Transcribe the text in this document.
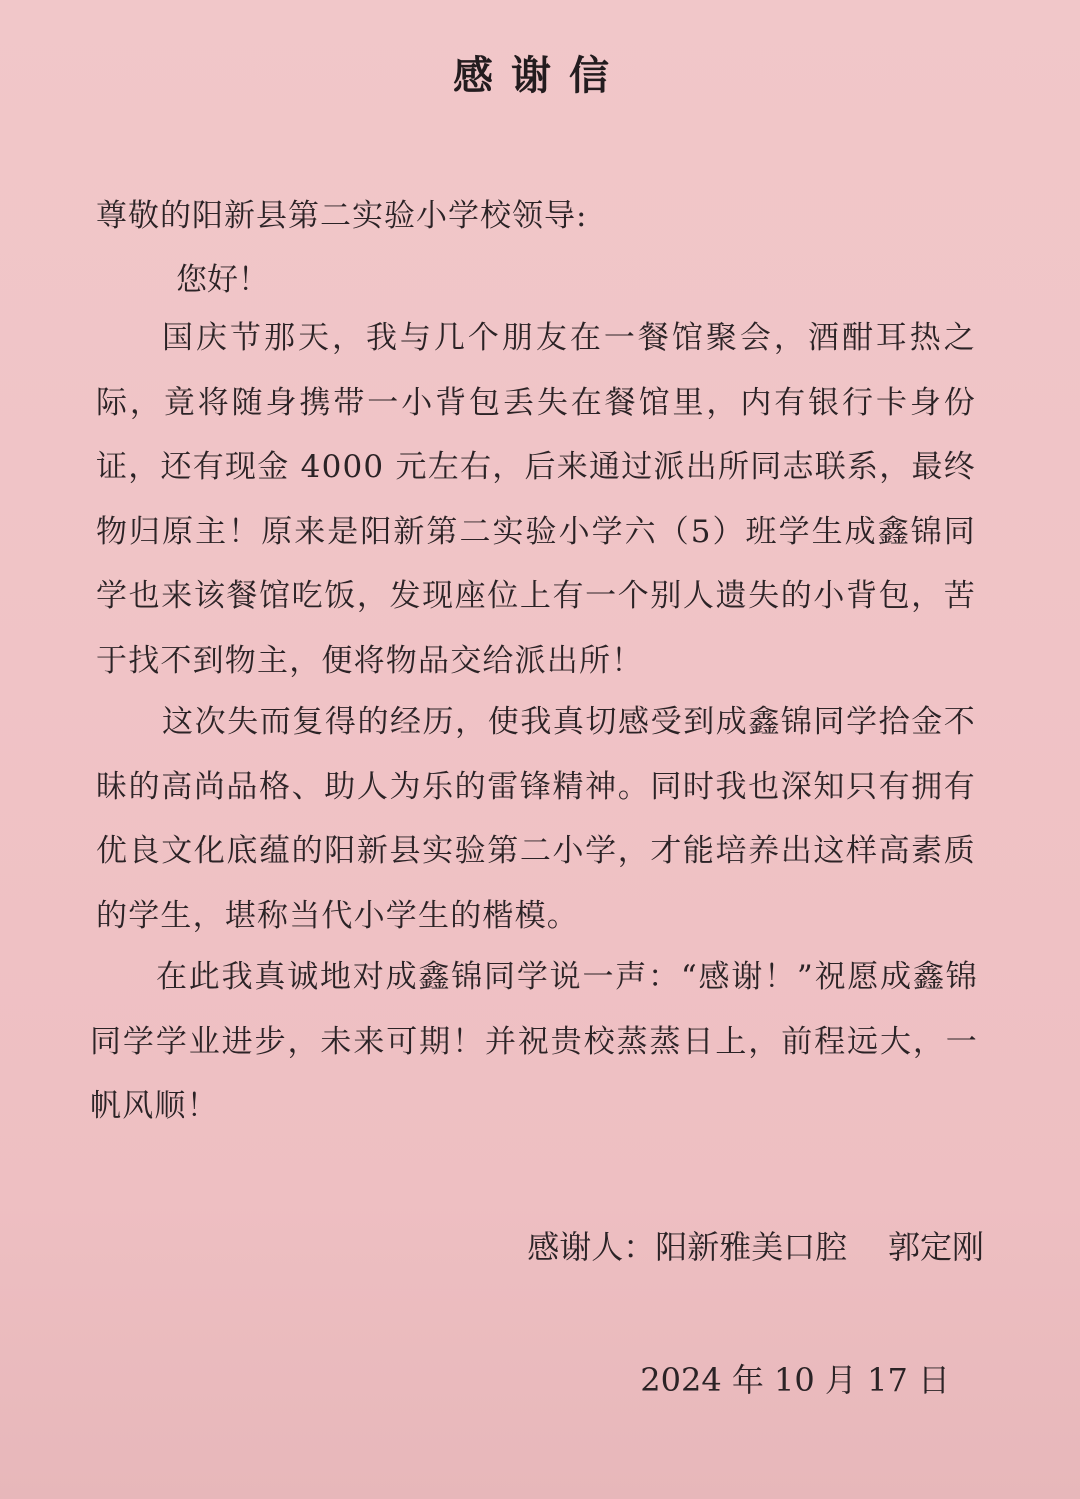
感谢信
尊敬的阳新县第二实验小学校领导:
您好！
国庆节那天，我与几个朋友在一餐馆聚会，酒酣耳热之际，竟将随身携带一小背包丢失在餐馆里，内有银行卡身份证，还有现金 4000 元左右，后来通过派出所同志联系，最终物归原主！原来是阳新第二实验小学六（5）班学生成鑫锦同学也来该餐馆吃饭，发现座位上有一个别人遗失的小背包，苦于找不到物主，便将物品交给派出所！
这次失而复得的经历，使我真切感受到成鑫锦同学拾金不昧的高尚品格、助人为乐的雷锋精神。同时我也深知只有拥有优良文化底蕴的阳新县实验第二小学，才能培养出这样高素质的学生，堪称当代小学生的楷模。
在此我真诚地对成鑫锦同学说一声：“感谢！”祝愿成鑫锦同学学业进步，未来可期！并祝贵校蒸蒸日上，前程远大，一帆风顺！
感谢人：阳新雅美口腔    郭定刚
2024 年 10 月 17 日
